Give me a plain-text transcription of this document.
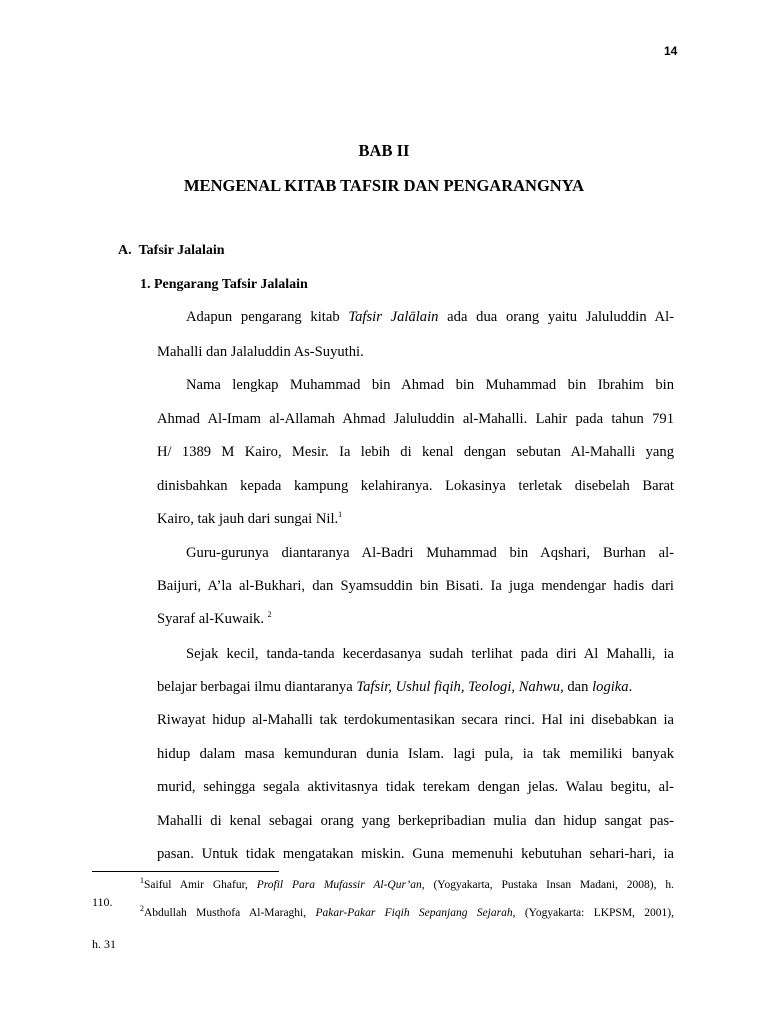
14
BAB II
MENGENAL KITAB TAFSIR DAN PENGARANGNYA
A.  Tafsir Jalalain
1. Pengarang Tafsir Jalalain
Adapun pengarang kitab Tafsir Jalālain ada dua orang yaitu Jaluluddin Al-
Mahalli dan Jalaluddin As-Suyuthi.
Nama lengkap Muhammad bin Ahmad bin Muhammad bin Ibrahim bin
Ahmad Al-Imam al-Allamah Ahmad Jaluluddin al-Mahalli. Lahir pada tahun 791
H/ 1389 M Kairo, Mesir. Ia lebih di kenal dengan sebutan Al-Mahalli yang
dinisbahkan kepada kampung kelahiranya. Lokasinya terletak disebelah Barat
Kairo, tak jauh dari sungai Nil.$^1$
Guru-gurunya diantaranya Al-Badri Muhammad bin Aqshari, Burhan al-
Baijuri, A’la al-Bukhari, dan Syamsuddin bin Bisati. Ia juga mendengar hadis dari
Syaraf al-Kuwaik. $^2$
Sejak kecil, tanda-tanda kecerdasanya sudah terlihat pada diri Al Mahalli, ia
belajar berbagai ilmu diantaranya Tafsir, Ushul fiqih, Teologi, Nahwu, dan logika.
Riwayat hidup al-Mahalli tak terdokumentasikan secara rinci. Hal ini disebabkan ia
hidup dalam masa kemunduran dunia Islam. lagi pula, ia tak memiliki banyak
murid, sehingga segala aktivitasnya tidak terekam dengan jelas. Walau begitu, al-
Mahalli di kenal sebagai orang yang berkepribadian mulia dan hidup sangat pas-
pasan. Untuk tidak mengatakan miskin. Guna memenuhi kebutuhan sehari-hari, ia
$^1$Saiful Amir Ghafur, Profil Para Mufassir Al-Qur’an, (Yogyakarta, Pustaka Insan Madani, 2008), h.
110.	$^2$Abdullah Musthofa Al-Maraghi, Pakar-Pakar Fiqih Sepanjang Sejarah, (Yogyakarta: LKPSM, 2001),
h. 31
